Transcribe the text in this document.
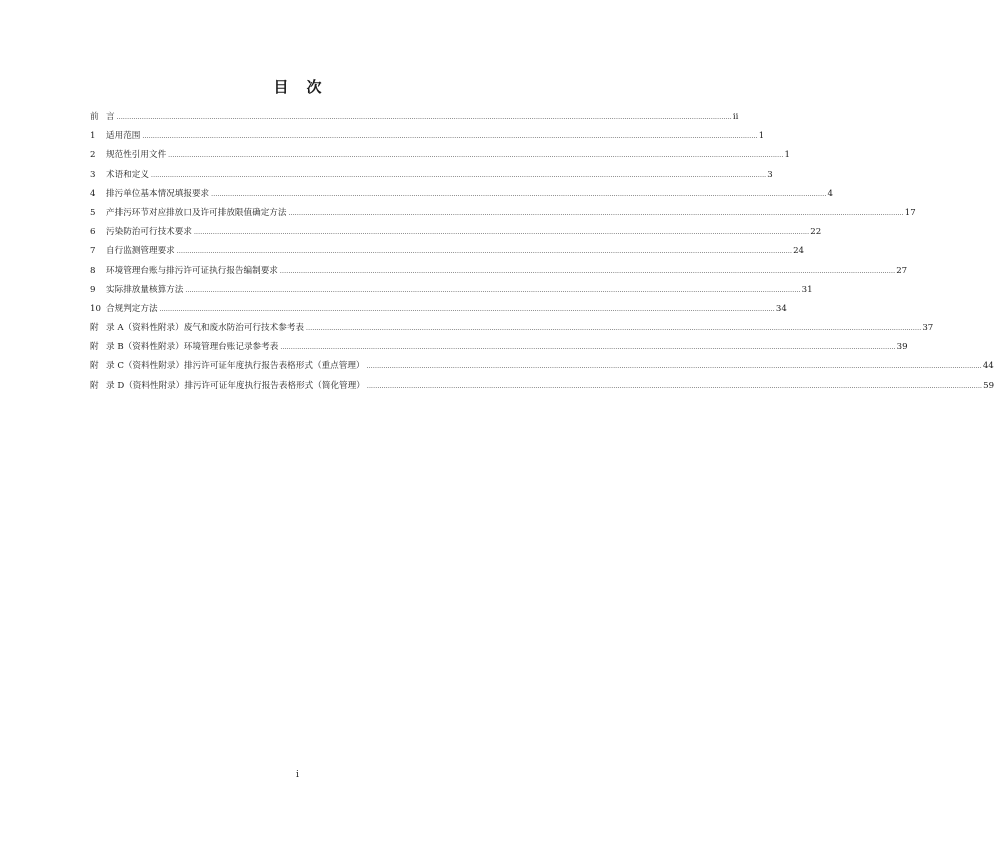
目 次
前 言 .................................................................................................................................................................................................................................................................................................... ii
1	适用范围 .................................................................................................................................................................................................................................................................................................... 1
2	规范性引用文件 .................................................................................................................................................................................................................................................................................................... 1
3	术语和定义 .................................................................................................................................................................................................................................................................................................... 3
4	排污单位基本情况填报要求 .................................................................................................................................................................................................................................................................................................... 4
5	产排污环节对应排放口及许可排放限值确定方法 .................................................................................................................................................................................................................................................................................................... 17
6	污染防治可行技术要求 .................................................................................................................................................................................................................................................................................................... 22
7	自行监测管理要求 .................................................................................................................................................................................................................................................................................................... 24
8	环境管理台账与排污许可证执行报告编制要求 .................................................................................................................................................................................................................................................................................................... 27
9	实际排放量核算方法 .................................................................................................................................................................................................................................................................................................... 31
10 合规判定方法 .................................................................................................................................................................................................................................................................................................... 34
附 录 A（资料性附录）废气和废水防治可行技术参考表 .................................................................................................................................................................................................................................................................................................... 37
附 录 B（资料性附录）环境管理台账记录参考表 .................................................................................................................................................................................................................................................................................................... 39
附 录 C（资料性附录）排污许可证年度执行报告表格形式（重点管理） .................................................................................................................................................................................................................................................................................................... 44
附 录 D（资料性附录）排污许可证年度执行报告表格形式（简化管理） .................................................................................................................................................................................................................................................................................................... 59
i
